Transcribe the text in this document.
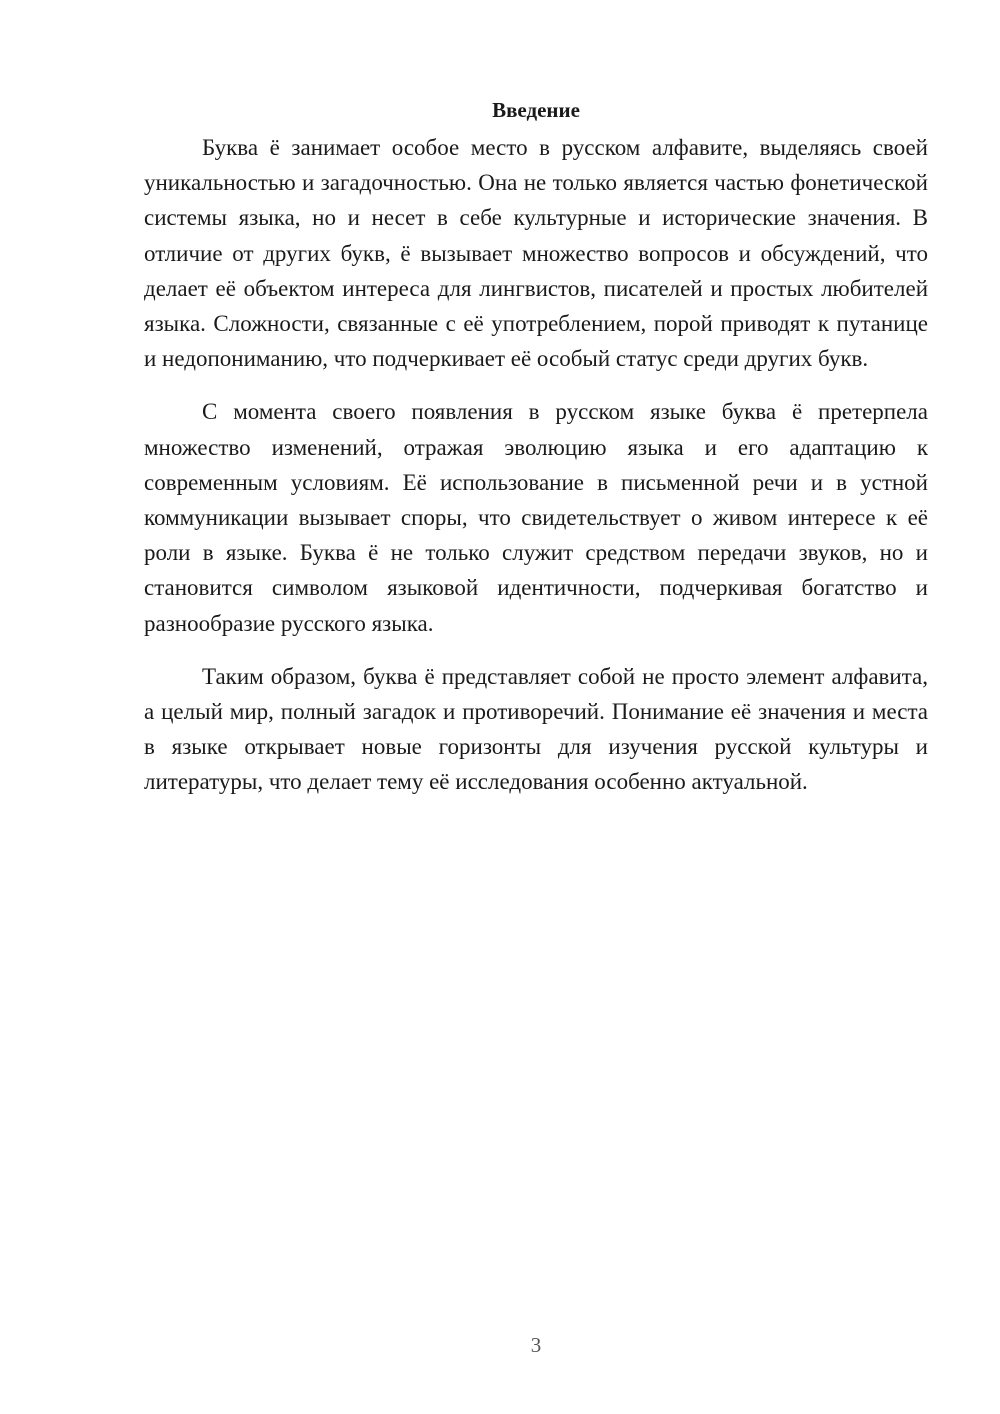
Введение

Буква ё занимает особое место в русском алфавите, выделяясь своей уникальностью и загадочностью. Она не только является частью фонетической системы языка, но и несет в себе культурные и исторические значения. В отличие от других букв, ё вызывает множество вопросов и обсуждений, что делает её объектом интереса для лингвистов, писателей и простых любителей языка. Сложности, связанные с её употреблением, порой приводят к путанице и недопониманию, что подчеркивает её особый статус среди других букв.

С момента своего появления в русском языке буква ё претерпела множество изменений, отражая эволюцию языка и его адаптацию к современным условиям. Её использование в письменной речи и в устной коммуникации вызывает споры, что свидетельствует о живом интересе к её роли в языке. Буква ё не только служит средством передачи звуков, но и становится символом языковой идентичности, подчеркивая богатство и разнообразие русского языка.

Таким образом, буква ё представляет собой не просто элемент алфавита, а целый мир, полный загадок и противоречий. Понимание её значения и места в языке открывает новые горизонты для изучения русской культуры и литературы, что делает тему её исследования особенно актуальной.

3
